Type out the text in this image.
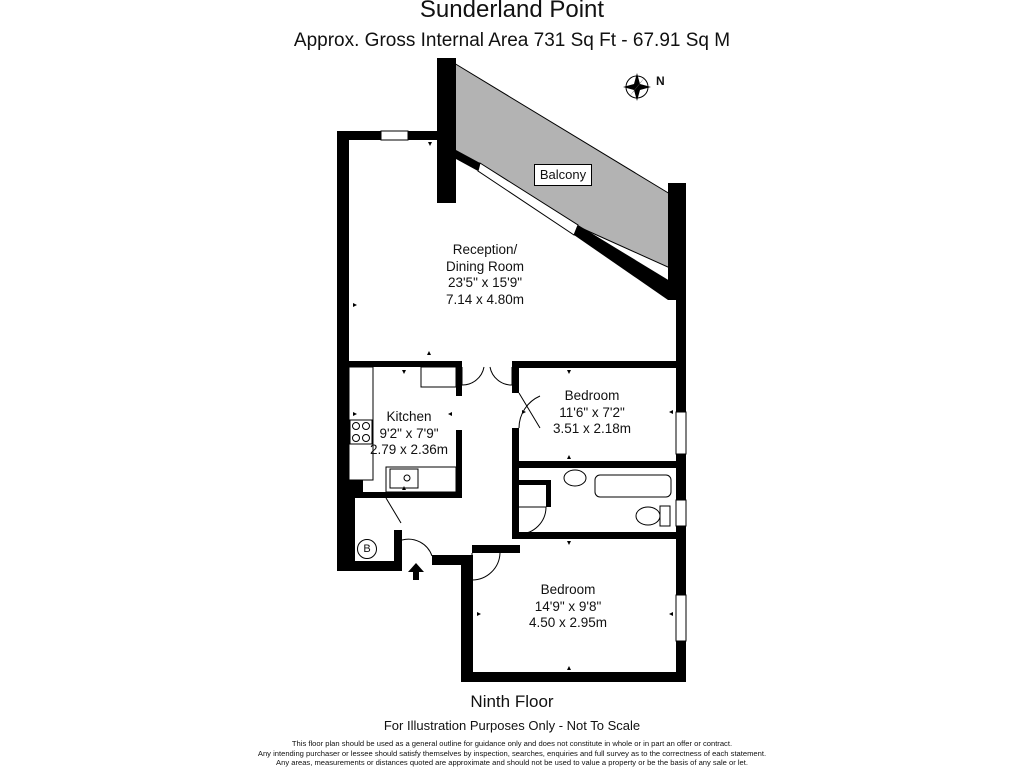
Sunderland Point
Approx. Gross Internal Area 731 Sq Ft - 67.91 Sq M
N
Balcony
B
Reception/
Dining Room
23'5" x 15'9"
7.14 x 4.80m
Kitchen
9'2" x 7'9"
2.79 x 2.36m
Bedroom
11'6" x 7'2"
3.51 x 2.18m
Bedroom
14'9" x 9'8"
4.50 x 2.95m
Ninth Floor
For Illustration Purposes Only - Not To Scale
This floor plan should be used as a general outline for guidance only and does not constitute in whole or in part an offer or contract.
Any intending purchaser or lessee should satisfy themselves by inspection, searches, enquiries and full survey as to the correctness of each statement.
Any areas, measurements or distances quoted are approximate and should not be used to value a property or be the basis of any sale or let.
